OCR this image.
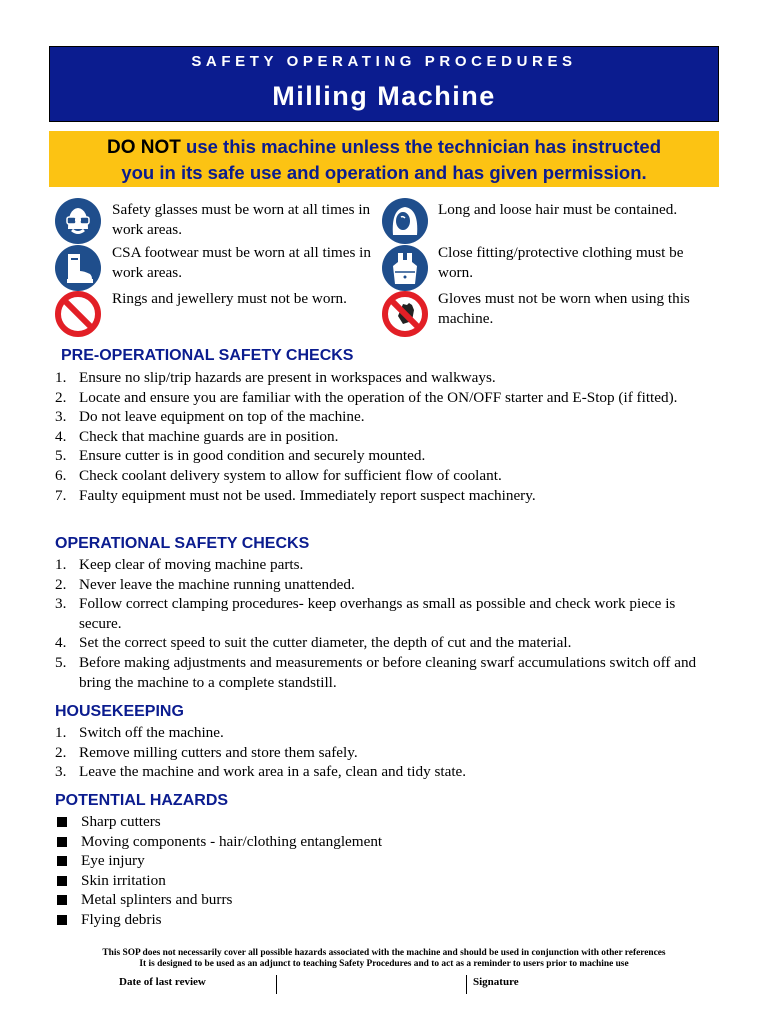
SAFETY OPERATING PROCEDURES
Milling Machine
DO NOT use this machine unless the technician has instructed
you in its safe use and operation and has given permission.
Safety glasses must be worn at all times in work areas.
Long and loose hair must be contained.
CSA footwear must be worn at all times in work areas.
Close fitting/protective clothing must be worn.
Rings and jewellery must not be worn.	Gloves must not be worn when using this machine.
PRE-OPERATIONAL SAFETY CHECKS
1. Ensure no slip/trip hazards are present in workspaces and walkways.
2. Locate and ensure you are familiar with the operation of the ON/OFF starter and E-Stop (if fitted).
3. Do not leave equipment on top of the machine.
4. Check that machine guards are in position.
5. Ensure cutter is in good condition and securely mounted.
6. Check coolant delivery system to allow for sufficient flow of coolant.
7. Faulty equipment must not be used. Immediately report suspect machinery.
OPERATIONAL SAFETY CHECKS
1. Keep clear of moving machine parts.
2. Never leave the machine running unattended.
3. Follow correct clamping procedures- keep overhangs as small as possible and check work piece is secure.
4. Set the correct speed to suit the cutter diameter, the depth of cut and the material.
5. Before making adjustments and measurements or before cleaning swarf accumulations switch off and bring the machine to a complete standstill.
HOUSEKEEPING
1. Switch off the machine.
2. Remove milling cutters and store them safely.
3. Leave the machine and work area in a safe, clean and tidy state.
POTENTIAL HAZARDS
Sharp cutters
Moving components - hair/clothing entanglement
Eye injury
Skin irritation
Metal splinters and burrs
Flying debris
This SOP does not necessarily cover all possible hazards associated with the machine and should be used in conjunction with other references
It is designed to be used as an adjunct to teaching Safety Procedures and to act as a reminder to users prior to machine use
Date of last review	Signature
